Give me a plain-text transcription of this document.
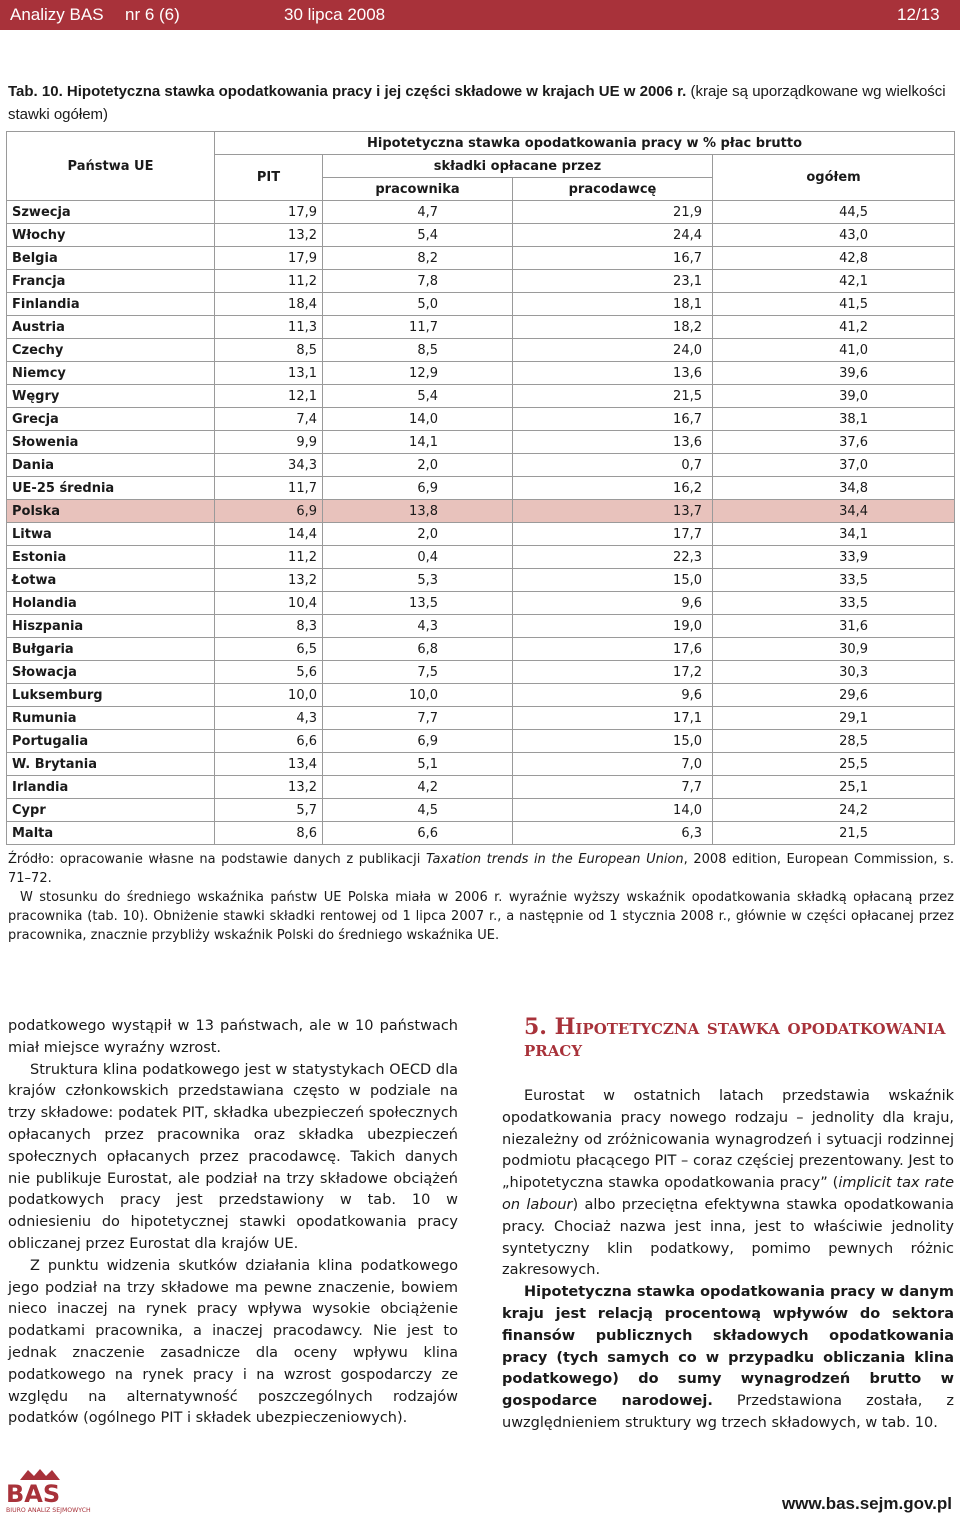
Analizy BAS nr 6 (6)	30 lipca 2008	12/13
Tab. 10. Hipotetyczna stawka opodatkowania pracy i jej części składowe w krajach UE w 2006 r. (kraje są uporządkowane wg wielkości stawki ogółem)
Państwa UE	Hipotetyczna stawka opodatkowania pracy w % płac brutto			
	PIT	składki opłacane przez		ogółem
		pracownika	pracodawcę	
Szwecja	17,9	4,7	21,9	44,5
Włochy	13,2	5,4	24,4	43,0
Belgia	17,9	8,2	16,7	42,8
Francja	11,2	7,8	23,1	42,1
Finlandia	18,4	5,0	18,1	41,5
Austria	11,3	11,7	18,2	41,2
Czechy	8,5	8,5	24,0	41,0
Niemcy	13,1	12,9	13,6	39,6
Węgry	12,1	5,4	21,5	39,0
Grecja	7,4	14,0	16,7	38,1
Słowenia	9,9	14,1	13,6	37,6
Dania	34,3	2,0	0,7	37,0
UE-25 średnia	11,7	6,9	16,2	34,8
Polska	6,9	13,8	13,7	34,4
Litwa	14,4	2,0	17,7	34,1
Estonia	11,2	0,4	22,3	33,9
Łotwa	13,2	5,3	15,0	33,5
Holandia	10,4	13,5	9,6	33,5
Hiszpania	8,3	4,3	19,0	31,6
Bułgaria	6,5	6,8	17,6	30,9
Słowacja	5,6	7,5	17,2	30,3
Luksemburg	10,0	10,0	9,6	29,6
Rumunia	4,3	7,7	17,1	29,1
Portugalia	6,6	6,9	15,0	28,5
W. Brytania	13,4	5,1	7,0	25,5
Irlandia	13,2	4,2	7,7	25,1
Cypr	5,7	4,5	14,0	24,2
Malta	8,6	6,6	6,3	21,5

Źródło: opracowanie własne na podstawie danych z publikacji Taxation trends in the European Union, 2008 edition, European Commission, s. 71–72.

W stosunku do średniego wskaźnika państw UE Polska miała w 2006 r. wyraźnie wyższy wskaźnik opodatkowania składką opłacaną przez pracownika (tab. 10). Obniżenie stawki składki rentowej od 1 lipca 2007 r., a następnie od 1 stycznia 2008 r., głównie w części opłacanej przez pracownika, znacznie przybliży wskaźnik Polski do średniego wskaźnika UE.

podatkowego wystąpił w 13 państwach, ale w 10 państwach miał miejsce wyraźny wzrost.

Struktura klina podatkowego jest w statystykach OECD dla krajów członkowskich przedstawiana często w podziale na trzy składowe: podatek PIT, składka ubezpieczeń społecznych opłacanych przez pracownika oraz składka ubezpieczeń społecznych opłacanych przez pracodawcę. Takich danych nie publikuje Eurostat, ale podział na trzy składowe obciążeń podatkowych pracy jest przedstawiony w tab. 10 w odniesieniu do hipotetycznej stawki opodatkowania pracy obliczanej przez Eurostat dla krajów UE.

Z punktu widzenia skutków działania klina podatkowego jego podział na trzy składowe ma pewne znaczenie, bowiem nieco inaczej na rynek pracy wpływa wysokie obciążenie podatkami pracownika, a inaczej pracodawcy. Nie jest to jednak znaczenie zasadnicze dla oceny wpływu klina podatkowego na rynek pracy i na wzrost gospodarczy ze względu na alternatywność poszczególnych rodzajów podatków (ogólnego PIT i składek ubezpieczeniowych).

5. Hipotetyczna stawka opodatkowania pracy

Eurostat w ostatnich latach przedstawia wskaźnik opodatkowania pracy nowego rodzaju – jednolity dla kraju, niezależny od zróżnicowania wynagrodzeń i sytuacji rodzinnej podmiotu płacącego PIT – coraz częściej prezentowany. Jest to „hipotetyczna stawka opodatkowania pracy” (implicit tax rate on labour) albo przeciętna efektywna stawka opodatkowania pracy. Chociaż nazwa jest inna, jest to właściwie jednolity syntetyczny klin podatkowy, pomimo pewnych różnic zakresowych.

Hipotetyczna stawka opodatkowania pracy w danym kraju jest relacją procentową wpływów do sektora finansów publicznych składowych opodatkowania pracy (tych samych co w przypadku obliczania klina podatkowego) do sumy wynagrodzeń brutto w gospodarce narodowej. Przedstawiona została, z uwzględnieniem struktury wg trzech składowych, w tab. 10.

BAS
BIURO ANALIZ SEJMOWYCH	www.bas.sejm.gov.pl
